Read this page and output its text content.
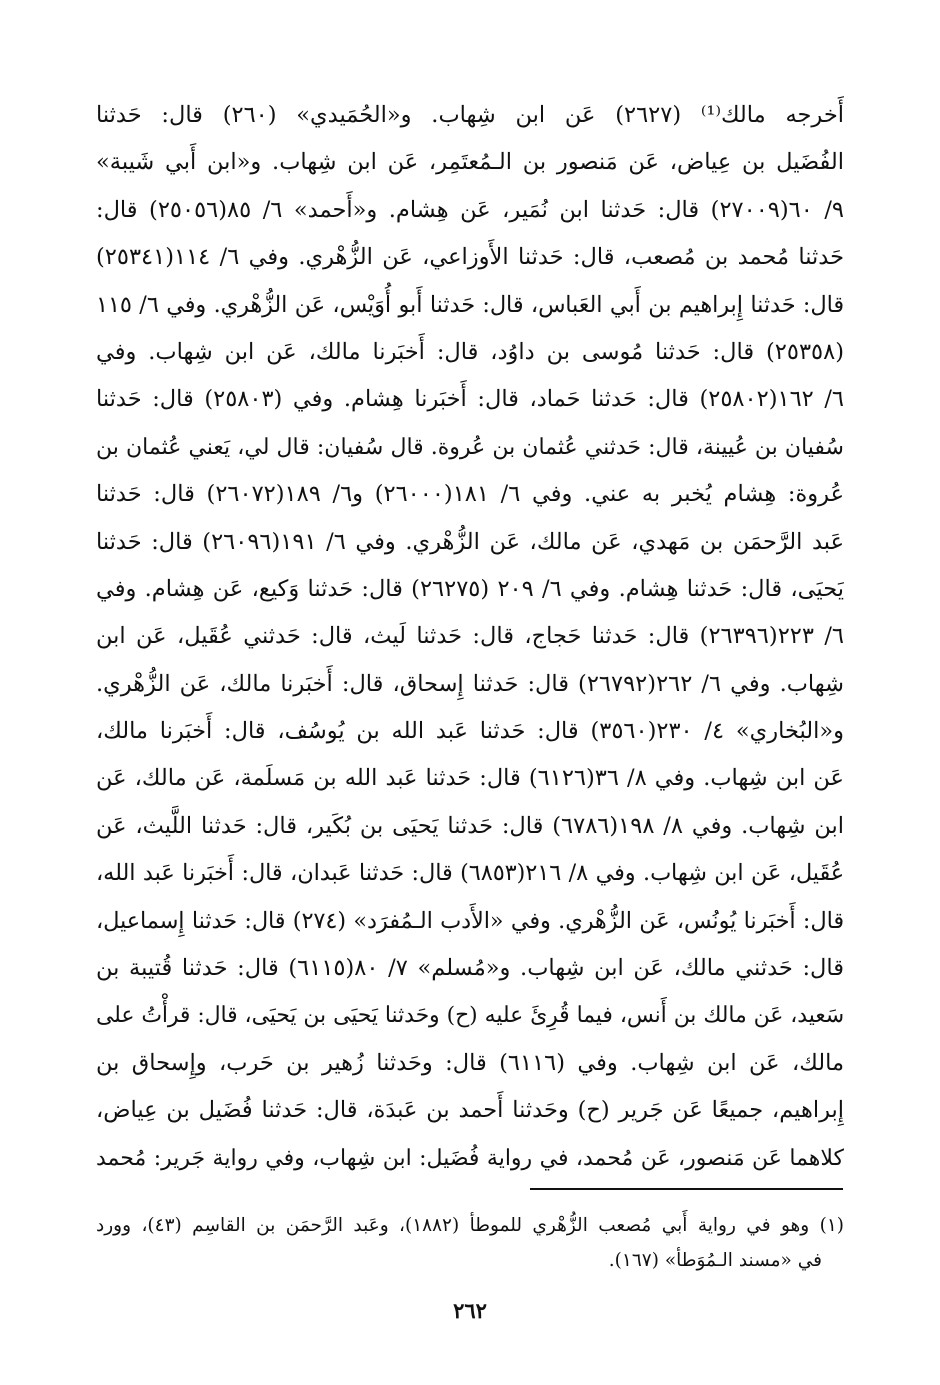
أَخرجه مالك⁽¹⁾ (٢٦٢٧) عَن ابن شِهاب. و«الحُمَيدي» (٢٦٠) قال: حَدثنا
الفُضَيل بن عِياض، عَن مَنصور بن الـمُعتَمِر، عَن ابن شِهاب. و«ابن أَبي شَيبة»
٩/ ٦٠(٢٧٠٠٩) قال: حَدثنا ابن نُمَير، عَن هِشام. و«أَحمد» ٦/ ٨٥(٢٥٠٥٦) قال:
حَدثنا مُحمد بن مُصعب، قال: حَدثنا الأَوزاعي، عَن الزُّهْري. وفي ٦/ ١١٤(٢٥٣٤١)
قال: حَدثنا إِبراهيم بن أَبي العَباس، قال: حَدثنا أَبو أُوَيْس، عَن الزُّهْري. وفي ٦/ ١١٥
(٢٥٣٥٨) قال: حَدثنا مُوسى بن داوُد، قال: أَخبَرنا مالك، عَن ابن شِهاب. وفي
٦/ ١٦٢(٢٥٨٠٢) قال: حَدثنا حَماد، قال: أَخبَرنا هِشام. وفي (٢٥٨٠٣) قال: حَدثنا
سُفيان بن عُيينة، قال: حَدثني عُثمان بن عُروة. قال سُفيان: قال لي، يَعني عُثمان بن
عُروة: هِشام يُخبر به عني. وفي ٦/ ١٨١(٢٦٠٠٠) و٦/ ١٨٩(٢٦٠٧٢) قال: حَدثنا
عَبد الرَّحمَن بن مَهدي، عَن مالك، عَن الزُّهْري. وفي ٦/ ١٩١(٢٦٠٩٦) قال: حَدثنا
يَحيَى، قال: حَدثنا هِشام. وفي ٦/ ٢٠٩ (٢٦٢٧٥) قال: حَدثنا وَكيع، عَن هِشام. وفي
٦/ ٢٢٣(٢٦٣٩٦) قال: حَدثنا حَجاج، قال: حَدثنا لَيث، قال: حَدثني عُقَيل، عَن ابن
شِهاب. وفي ٦/ ٢٦٢(٢٦٧٩٢) قال: حَدثنا إِسحاق، قال: أَخبَرنا مالك، عَن الزُّهْري.
و«البُخاري» ٤/ ٢٣٠(٣٥٦٠) قال: حَدثنا عَبد الله بن يُوسُف، قال: أَخبَرنا مالك،
عَن ابن شِهاب. وفي ٨/ ٣٦(٦١٢٦) قال: حَدثنا عَبد الله بن مَسلَمة، عَن مالك، عَن
ابن شِهاب. وفي ٨/ ١٩٨(٦٧٨٦) قال: حَدثنا يَحيَى بن بُكَير، قال: حَدثنا اللَّيث، عَن
عُقَيل، عَن ابن شِهاب. وفي ٨/ ٢١٦(٦٨٥٣) قال: حَدثنا عَبدان، قال: أَخبَرنا عَبد الله،
قال: أَخبَرنا يُونُس، عَن الزُّهْري. وفي «الأَدب الـمُفرَد» (٢٧٤) قال: حَدثنا إِسماعيل،
قال: حَدثني مالك، عَن ابن شِهاب. و«مُسلم» ٧/ ٨٠(٦١١٥) قال: حَدثنا قُتيبة بن
سَعيد، عَن مالك بن أَنس، فيما قُرِئَ عليه (ح) وحَدثنا يَحيَى بن يَحيَى، قال: قرأْتُ على
مالك، عَن ابن شِهاب. وفي (٦١١٦) قال: وحَدثنا زُهير بن حَرب، وإِسحاق بن
إِبراهيم، جميعًا عَن جَرير (ح) وحَدثنا أَحمد بن عَبدَة، قال: حَدثنا فُضَيل بن عِياض،
كلاهما عَن مَنصور، عَن مُحمد، في رواية فُضَيل: ابن شِهاب، وفي رواية جَرير: مُحمد
(١) وهو في رواية أَبي مُصعب الزُّهْري للموطأ (١٨٨٢)، وعَبد الرَّحمَن بن القاسِم (٤٣)، وورد
في «مسند الـمُوَطأ» (١٦٧).
٢٦٢
